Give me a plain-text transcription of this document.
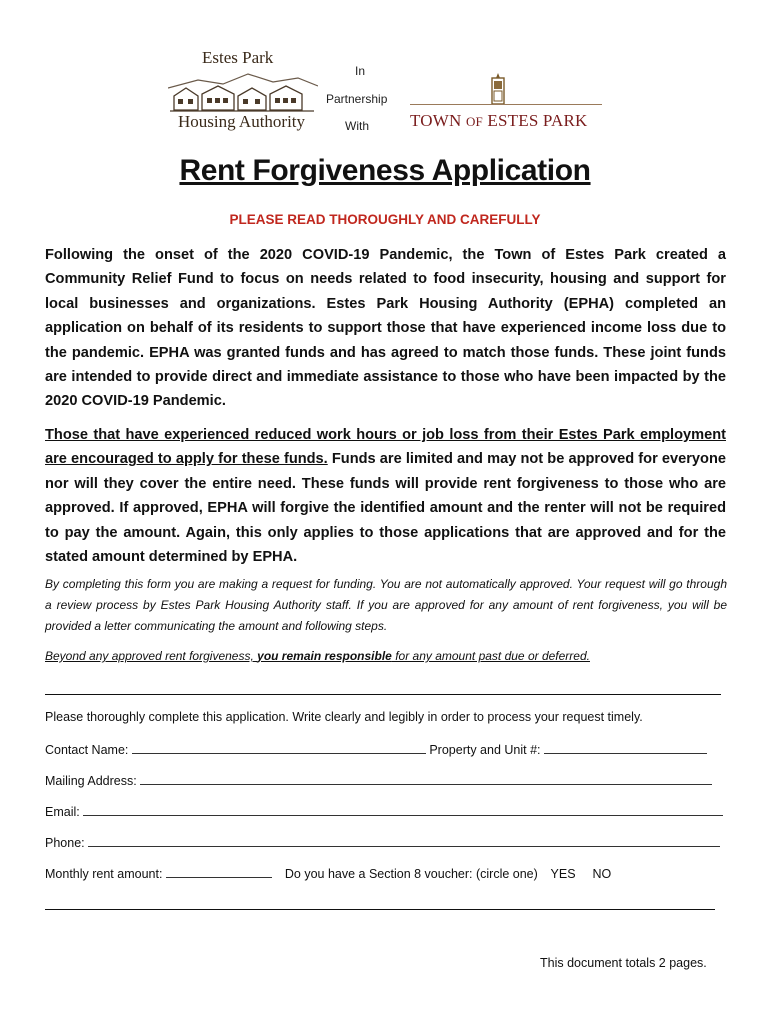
Estes Park
Housing Authority
In
Partnership
With TOWN OF ESTES PARK
Rent Forgiveness Application
PLEASE READ THOROUGHLY AND CAREFULLY

Following the onset of the 2020 COVID-19 Pandemic, the Town of Estes Park created a Community Relief Fund to focus on needs related to food insecurity, housing and support for local businesses and organizations. Estes Park Housing Authority (EPHA) completed an application on behalf of its residents to support those that have experienced income loss due to the pandemic. EPHA was granted funds and has agreed to match those funds. These joint funds are intended to provide direct and immediate assistance to those who have been impacted by the 2020 COVID-19 Pandemic.

Those that have experienced reduced work hours or job loss from their Estes Park employment are encouraged to apply for these funds. Funds are limited and may not be approved for everyone nor will they cover the entire need. These funds will provide rent forgiveness to those who are approved. If approved, EPHA will forgive the identified amount and the renter will not be required to pay the amount. Again, this only applies to those applications that are approved and for the stated amount determined by EPHA.

By completing this form you are making a request for funding. You are not automatically approved. Your request will go through a review process by Estes Park Housing Authority staff. If you are approved for any amount of rent forgiveness, you will be provided a letter communicating the amount and following steps.

Beyond any approved rent forgiveness, you remain responsible for any amount past due or deferred.

Please thoroughly complete this application. Write clearly and legibly in order to process your request timely.
Contact Name:	Property and Unit #:
Mailing Address:
Email:
Phone:
Monthly rent amount:	Do you have a Section 8 voucher: (circle one) YES NO
This document totals 2 pages.
